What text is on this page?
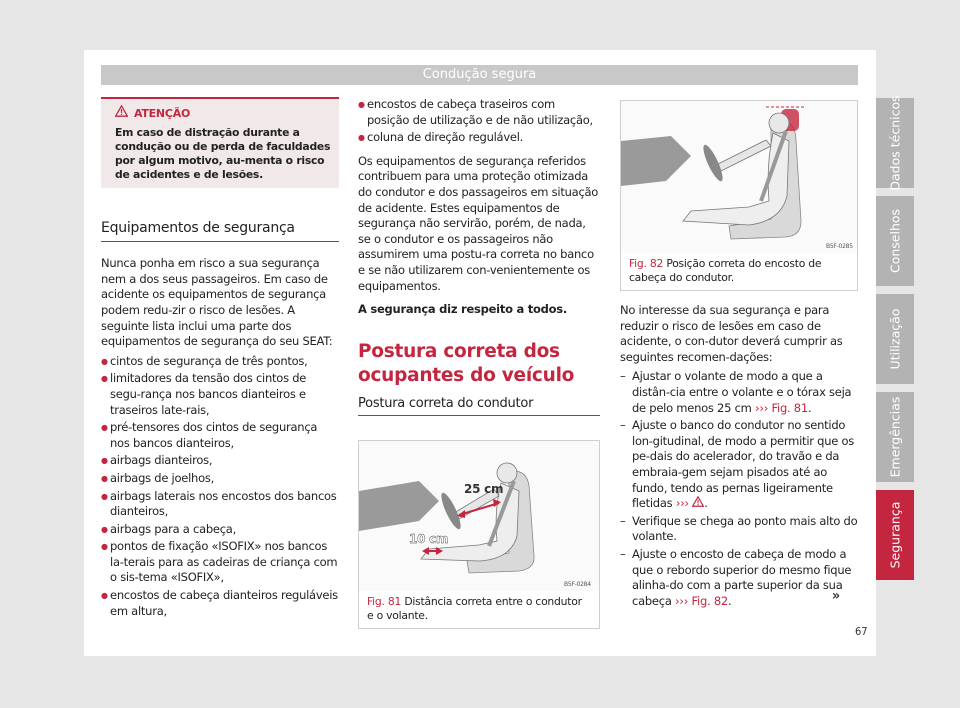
Condução segura
ATENÇÃO
Em caso de distração durante a condução ou de perda de faculdades por algum motivo, au-menta o risco de acidentes e de lesões.
Equipamentos de segurança

Nunca ponha em risco a sua segurança nem a dos seus passageiros. Em caso de acidente os equipamentos de segurança podem redu-zir o risco de lesões. A seguinte lista inclui uma parte dos equipamentos de segurança do seu SEAT:

● cintos de segurança de três pontos,
● limitadores da tensão dos cintos de segu-rança nos bancos dianteiros e traseiros late-rais,
● pré-tensores dos cintos de segurança nos bancos dianteiros,
● airbags dianteiros,
● airbags de joelhos,
● airbags laterais nos encostos dos bancos dianteiros,
● airbags para a cabeça,
● pontos de fixação «ISOFIX» nos bancos la-terais para as cadeiras de criança com o sis-tema «ISOFIX»,
● encostos de cabeça dianteiros reguláveis em altura,
● encostos de cabeça traseiros com posição de utilização e de não utilização,
● coluna de direção regulável.

Os equipamentos de segurança referidos contribuem para uma proteção otimizada do condutor e dos passageiros em situação de acidente. Estes equipamentos de segurança não servirão, porém, de nada, se o condutor e os passageiros não assumirem uma postu-ra correta no banco e se não utilizarem con-venientemente os equipamentos.

A segurança diz respeito a todos.

Postura correta dos ocupantes do veículo
Postura correta do condutor
25 cm
10 cm
B5F-0284
Fig. 81 Distância correta entre o condutor e o volante.
B5F-0285
Fig. 82 Posição correta do encosto de cabeça do condutor.

No interesse da sua segurança e para reduzir o risco de lesões em caso de acidente, o con-dutor deverá cumprir as seguintes recomen-dações:

– Ajustar o volante de modo a que a distân-cia entre o volante e o tórax seja de pelo menos 25 cm ››› Fig. 81.
– Ajuste o banco do condutor no sentido lon-gitudinal, de modo a permitir que os pe-dais do acelerador, do travão e da embraia-gem sejam pisados até ao fundo, tendo as pernas ligeiramente fletidas ››› .
– Verifique se chega ao ponto mais alto do volante.
– Ajuste o encosto de cabeça de modo a que o rebordo superior do mesmo fique alinha-do com a parte superior da sua cabeça ››› Fig. 82.	»
67
Dados técnicos
Conselhos
Utilização
Emergências
Segurança
